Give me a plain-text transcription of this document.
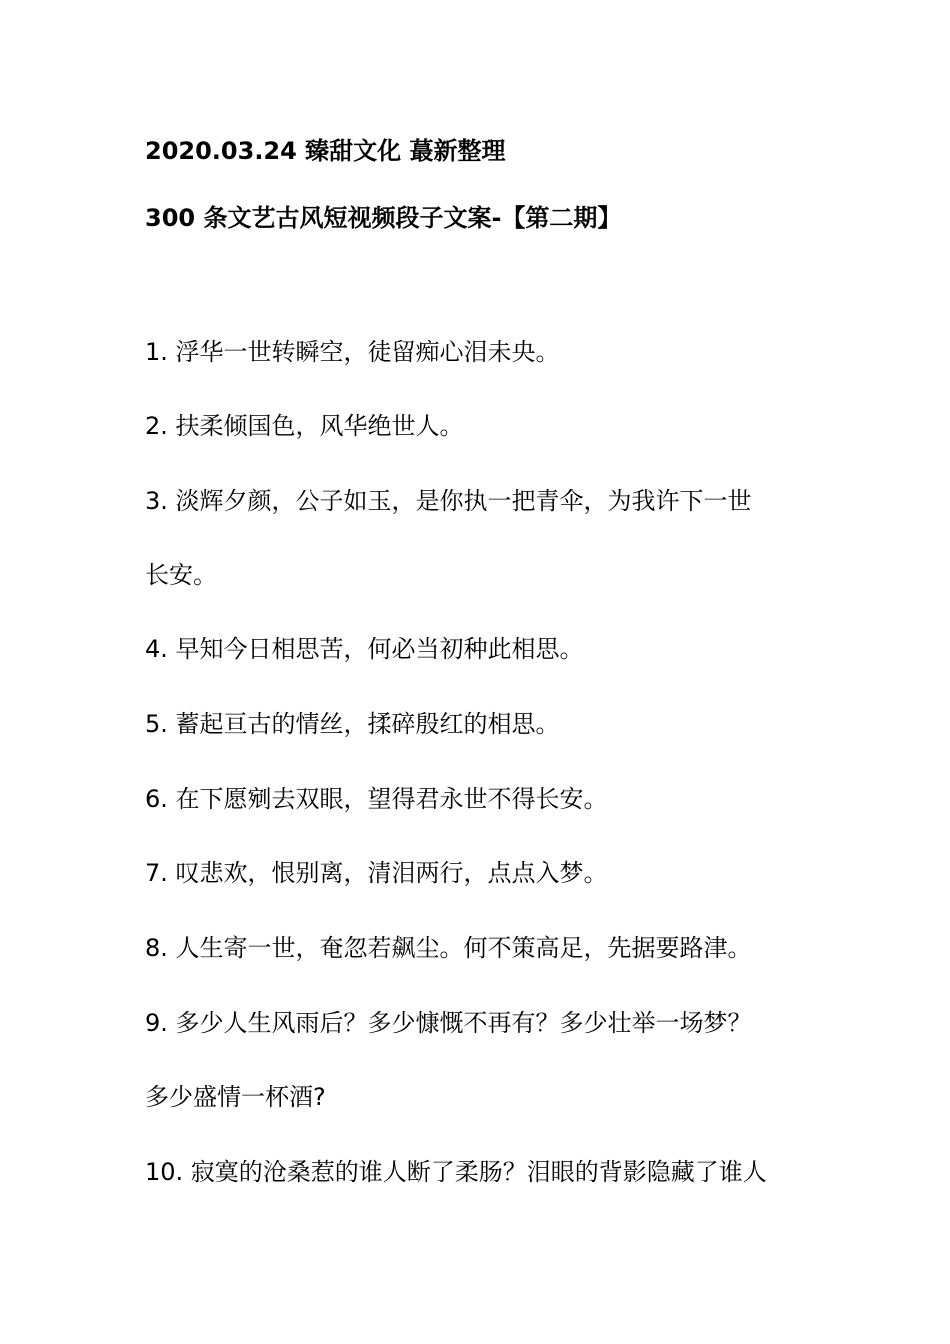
2020.03.24 臻甜文化 蕞新整理
300 条文艺古风短视频段子文案-【第二期】
1. 浮华一世转瞬空，徒留痴心泪未央。
2. 扶柔倾国色，风华绝世人。
3. 淡辉夕颜，公子如玉，是你执一把青伞，为我许下一世
长安。
4. 早知今日相思苦，何必当初种此相思。
5. 蓄起亘古的情丝，揉碎殷红的相思。
6. 在下愿剜去双眼，望得君永世不得长安。
7. 叹悲欢，恨别离，清泪两行，点点入梦。
8. 人生寄一世，奄忽若飙尘。何不策高足，先据要路津。
9. 多少人生风雨后？多少慷慨不再有？多少壮举一场梦？
多少盛情一杯酒?
10. 寂寞的沧桑惹的谁人断了柔肠？泪眼的背影隐藏了谁人
